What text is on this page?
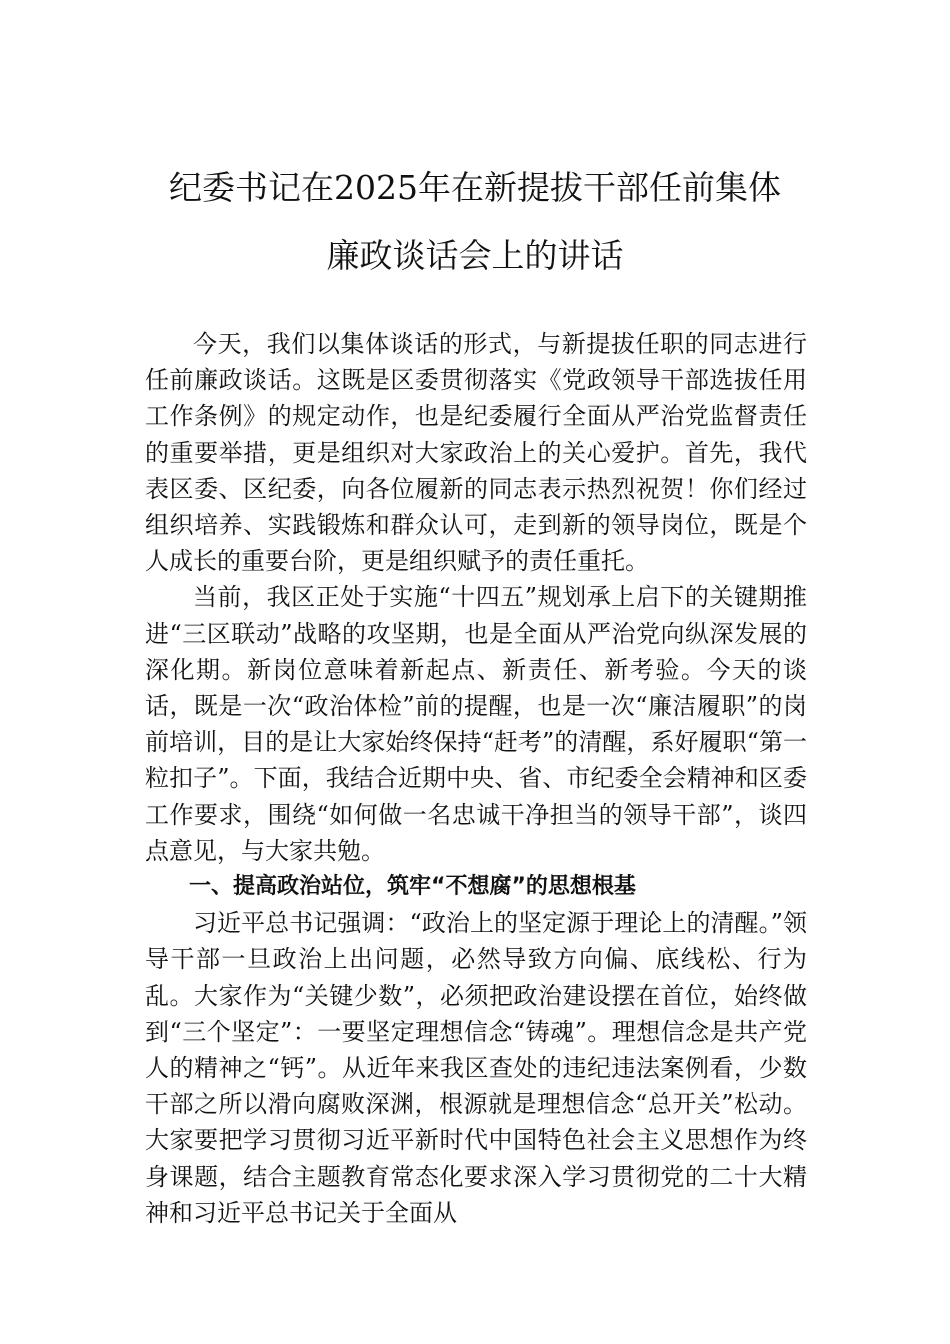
纪委书记在2025年在新提拔干部任前集体
廉政谈话会上的讲话

今天，我们以集体谈话的形式，与新提拔任职的同志进行任前廉政谈话。这既是区委贯彻落实《党政领导干部选拔任用工作条例》的规定动作，也是纪委履行全面从严治党监督责任的重要举措，更是组织对大家政治上的关心爱护。首先，我代表区委、区纪委，向各位履新的同志表示热烈祝贺！你们经过组织培养、实践锻炼和群众认可，走到新的领导岗位，既是个人成长的重要台阶，更是组织赋予的责任重托。

当前，我区正处于实施“十四五”规划承上启下的关键期推进“三区联动”战略的攻坚期，也是全面从严治党向纵深发展的深化期。新岗位意味着新起点、新责任、新考验。今天的谈话，既是一次“政治体检”前的提醒，也是一次“廉洁履职”的岗前培训，目的是让大家始终保持“赶考”的清醒，系好履职“第一粒扣子”。下面，我结合近期中央、省、市纪委全会精神和区委工作要求，围绕“如何做一名忠诚干净担当的领导干部”，谈四点意见，与大家共勉。

一、提高政治站位，筑牢“不想腐”的思想根基

习近平总书记强调：“政治上的坚定源于理论上的清醒。”领导干部一旦政治上出问题，必然导致方向偏、底线松、行为乱。大家作为“关键少数”，必须把政治建设摆在首位，始终做到“三个坚定”：一要坚定理想信念“铸魂”。理想信念是共产党人的精神之“钙”。从近年来我区查处的违纪违法案例看，少数干部之所以滑向腐败深渊，根源就是理想信念“总开关”松动。大家要把学习贯彻习近平新时代中国特色社会主义思想作为终身课题，结合主题教育常态化要求深入学习贯彻党的二十大精神和习近平总书记关于全面从
